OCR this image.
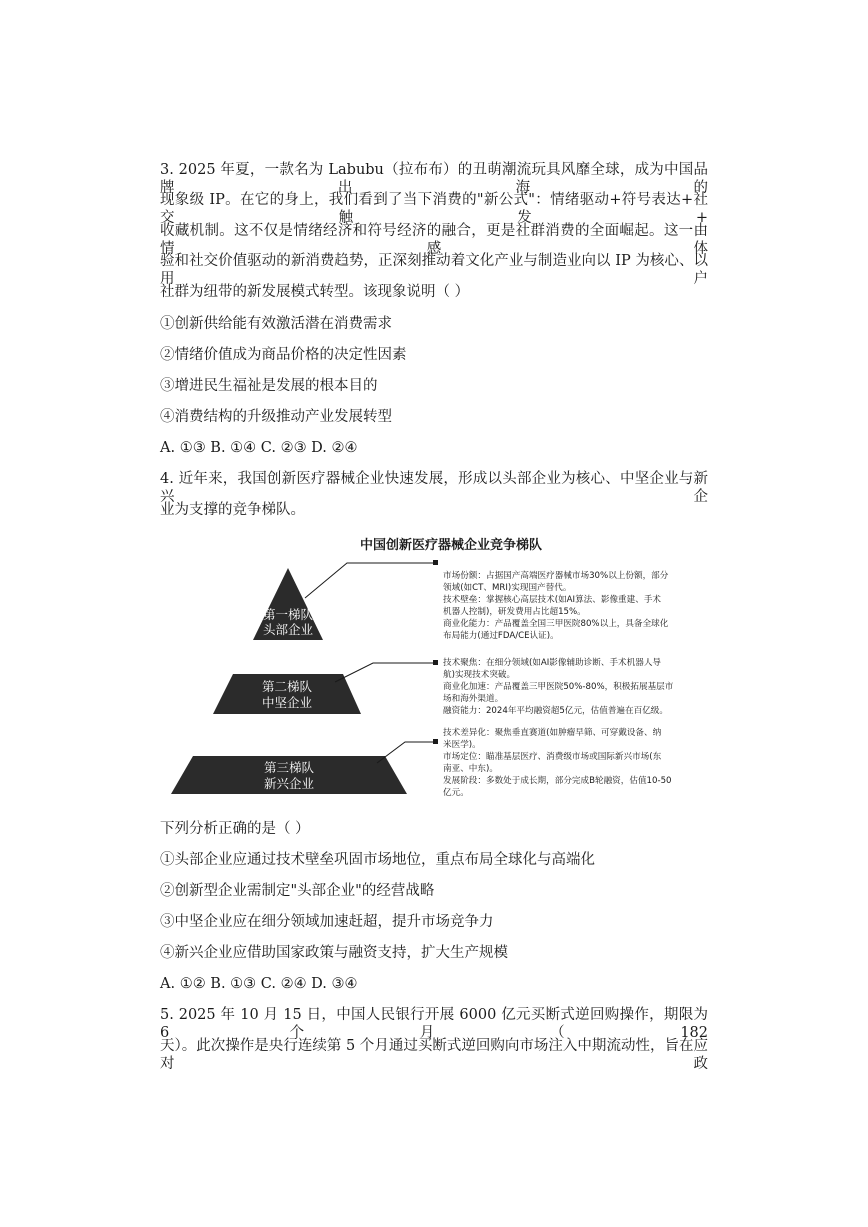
3. 2025 年夏，一款名为 Labubu（拉布布）的丑萌潮流玩具风靡全球，成为中国品牌出海的
现象级 IP。在它的身上，我们看到了当下消费的"新公式"：情绪驱动+符号表达+社交触发+
收藏机制。这不仅是情绪经济和符号经济的融合，更是社群消费的全面崛起。这一由情感体
验和社交价值驱动的新消费趋势，正深刻推动着文化产业与制造业向以 IP 为核心、以用户
社群为纽带的新发展模式转型。该现象说明（ ）
①创新供给能有效激活潜在消费需求
②情绪价值成为商品价格的决定性因素
③增进民生福祉是发展的根本目的
④消费结构的升级推动产业发展转型
A. ①③ B. ①④ C. ②③ D. ②④
4. 近年来，我国创新医疗器械企业快速发展，形成以头部企业为核心、中坚企业与新兴企
业为支撑的竞争梯队。
中国创新医疗器械企业竞争梯队
第一梯队
头部企业
市场份额：占据国产高端医疗器械市场30%以上份额，部分
领域(如CT、MRI)实现国产替代。
技术壁垒：掌握核心高层技术(如AI算法、影像重建、手术
机器人控制)，研发费用占比超15%。
商业化能力：产品覆盖全国三甲医院80%以上，具备全球化
布局能力(通过FDA/CE认证)。
第二梯队
中坚企业
技术聚焦：在细分领域(如AI影像辅助诊断、手术机器人导
航)实现技术突破。
商业化加速：产品覆盖三甲医院50%-80%，积极拓展基层市
场和海外渠道。
融资能力：2024年平均融资超5亿元，估值普遍在百亿级。
第三梯队
新兴企业
技术差异化：聚焦垂直赛道(如肿瘤早筛、可穿戴设备、纳
米医学)。
市场定位：瞄准基层医疗、消费级市场或国际新兴市场(东
南亚、中东)。
发展阶段：多数处于成长期，部分完成B轮融资，估值10-50
亿元。
下列分析正确的是（ ）
①头部企业应通过技术壁垒巩固市场地位，重点布局全球化与高端化
②创新型企业需制定"头部企业"的经营战略
③中坚企业应在细分领域加速赶超，提升市场竞争力
④新兴企业应借助国家政策与融资支持，扩大生产规模
A. ①② B. ①③ C. ②④ D. ③④
5. 2025 年 10 月 15 日，中国人民银行开展 6000 亿元买断式逆回购操作，期限为 6 个月（182
天）。此次操作是央行连续第 5 个月通过买断式逆回购向市场注入中期流动性，旨在应对政
